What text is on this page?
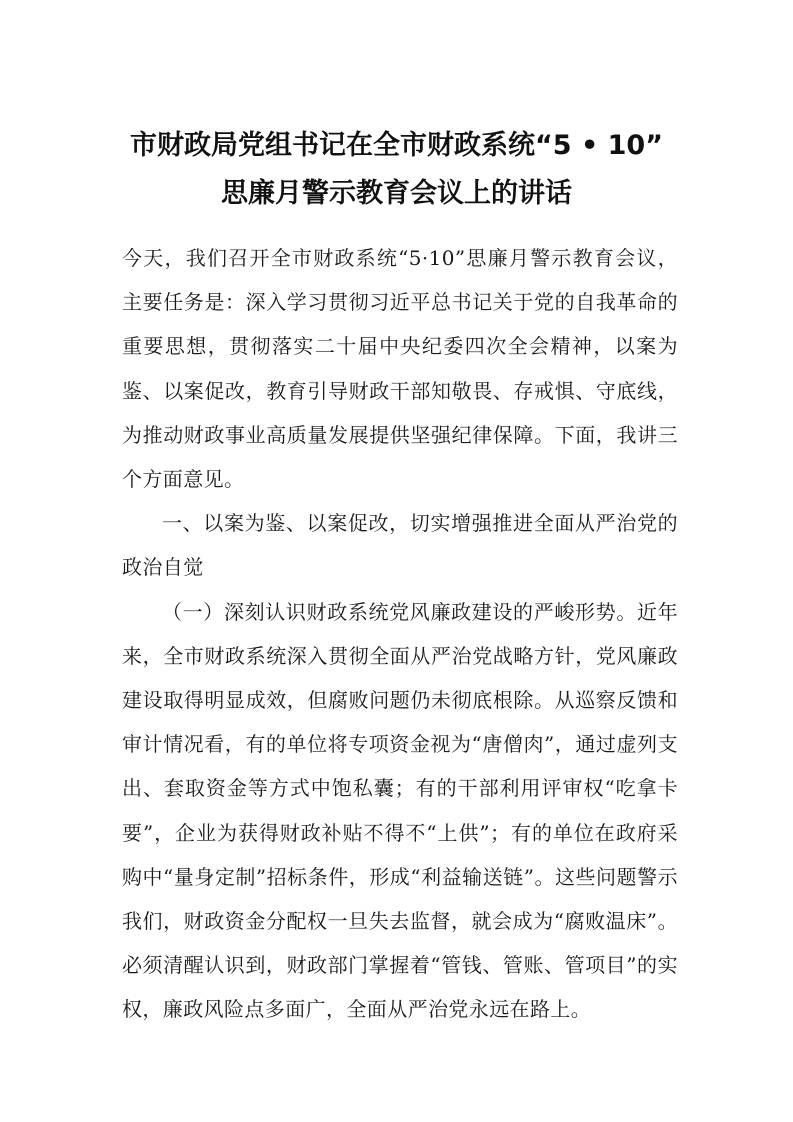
市财政局党组书记在全市财政系统“5 • 10”
思廉月警示教育会议上的讲话

今天，我们召开全市财政系统“5·10”思廉月警示教育会议，主要任务是：深入学习贯彻习近平总书记关于党的自我革命的重要思想，贯彻落实二十届中央纪委四次全会精神，以案为鉴、以案促改，教育引导财政干部知敬畏、存戒惧、守底线，为推动财政事业高质量发展提供坚强纪律保障。下面，我讲三个方面意见。

一、以案为鉴、以案促改，切实增强推进全面从严治党的政治自觉

（一）深刻认识财政系统党风廉政建设的严峻形势。近年来，全市财政系统深入贯彻全面从严治党战略方针，党风廉政建设取得明显成效，但腐败问题仍未彻底根除。从巡察反馈和审计情况看，有的单位将专项资金视为“唐僧肉”，通过虚列支出、套取资金等方式中饱私囊；有的干部利用评审权“吃拿卡要”，企业为获得财政补贴不得不“上供”；有的单位在政府采购中“量身定制”招标条件，形成“利益输送链”。这些问题警示我们，财政资金分配权一旦失去监督，就会成为“腐败温床”。必须清醒认识到，财政部门掌握着“管钱、管账、管项目”的实权，廉政风险点多面广，全面从严治党永远在路上。
